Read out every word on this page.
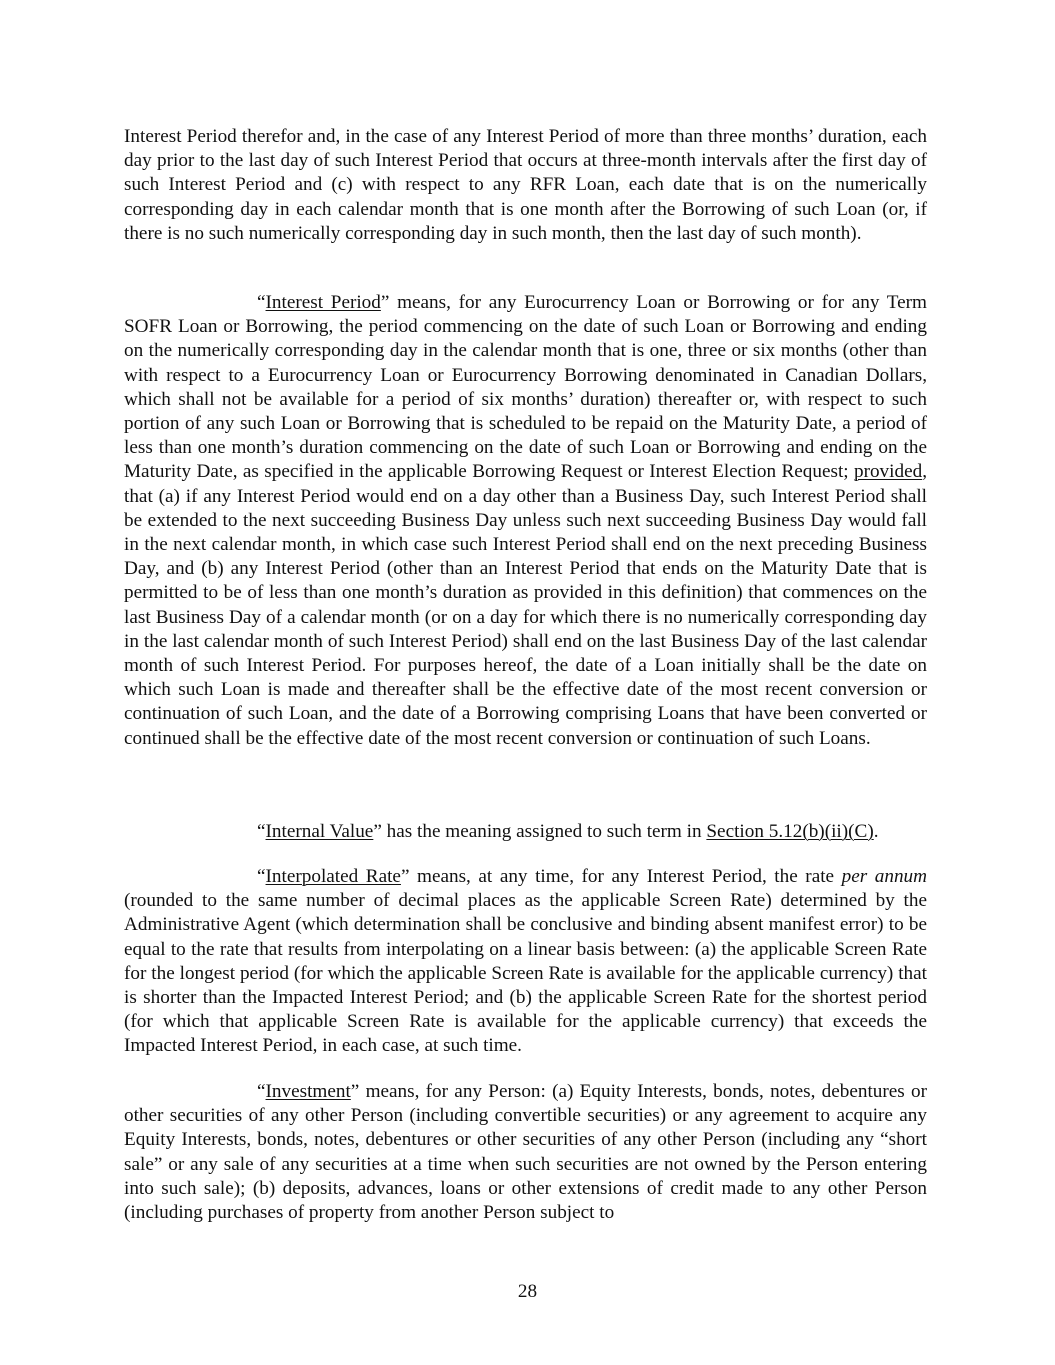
Interest Period therefor and, in the case of any Interest Period of more than three months’ duration, each day prior to the last day of such Interest Period that occurs at three-month intervals after the first day of such Interest Period and (c) with respect to any RFR Loan, each date that is on the numerically corresponding day in each calendar month that is one month after the Borrowing of such Loan (or, if there is no such numerically corresponding day in such month, then the last day of such month).

“Interest Period” means, for any Eurocurrency Loan or Borrowing or for any Term SOFR Loan or Borrowing, the period commencing on the date of such Loan or Borrowing and ending on the numerically corresponding day in the calendar month that is one, three or six months (other than with respect to a Eurocurrency Loan or Eurocurrency Borrowing denominated in Canadian Dollars, which shall not be available for a period of six months’ duration) thereafter or, with respect to such portion of any such Loan or Borrowing that is scheduled to be repaid on the Maturity Date, a period of less than one month’s duration commencing on the date of such Loan or Borrowing and ending on the Maturity Date, as specified in the applicable Borrowing Request or Interest Election Request; provided, that (a) if any Interest Period would end on a day other than a Business Day, such Interest Period shall be extended to the next succeeding Business Day unless such next succeeding Business Day would fall in the next calendar month, in which case such Interest Period shall end on the next preceding Business Day, and (b) any Interest Period (other than an Interest Period that ends on the Maturity Date that is permitted to be of less than one month’s duration as provided in this definition) that commences on the last Business Day of a calendar month (or on a day for which there is no numerically corresponding day in the last calendar month of such Interest Period) shall end on the last Business Day of the last calendar month of such Interest Period. For purposes hereof, the date of a Loan initially shall be the date on which such Loan is made and thereafter shall be the effective date of the most recent conversion or continuation of such Loan, and the date of a Borrowing comprising Loans that have been converted or continued shall be the effective date of the most recent conversion or continuation of such Loans.

“Internal Value” has the meaning assigned to such term in Section 5.12(b)(ii)(C).

“Interpolated Rate” means, at any time, for any Interest Period, the rate per annum (rounded to the same number of decimal places as the applicable Screen Rate) determined by the Administrative Agent (which determination shall be conclusive and binding absent manifest error) to be equal to the rate that results from interpolating on a linear basis between: (a) the applicable Screen Rate for the longest period (for which the applicable Screen Rate is available for the applicable currency) that is shorter than the Impacted Interest Period; and (b) the applicable Screen Rate for the shortest period (for which that applicable Screen Rate is available for the applicable currency) that exceeds the Impacted Interest Period, in each case, at such time.

“Investment” means, for any Person: (a) Equity Interests, bonds, notes, debentures or other securities of any other Person (including convertible securities) or any agreement to acquire any Equity Interests, bonds, notes, debentures or other securities of any other Person (including any “short sale” or any sale of any securities at a time when such securities are not owned by the Person entering into such sale); (b) deposits, advances, loans or other extensions of credit made to any other Person (including purchases of property from another Person subject to

28
